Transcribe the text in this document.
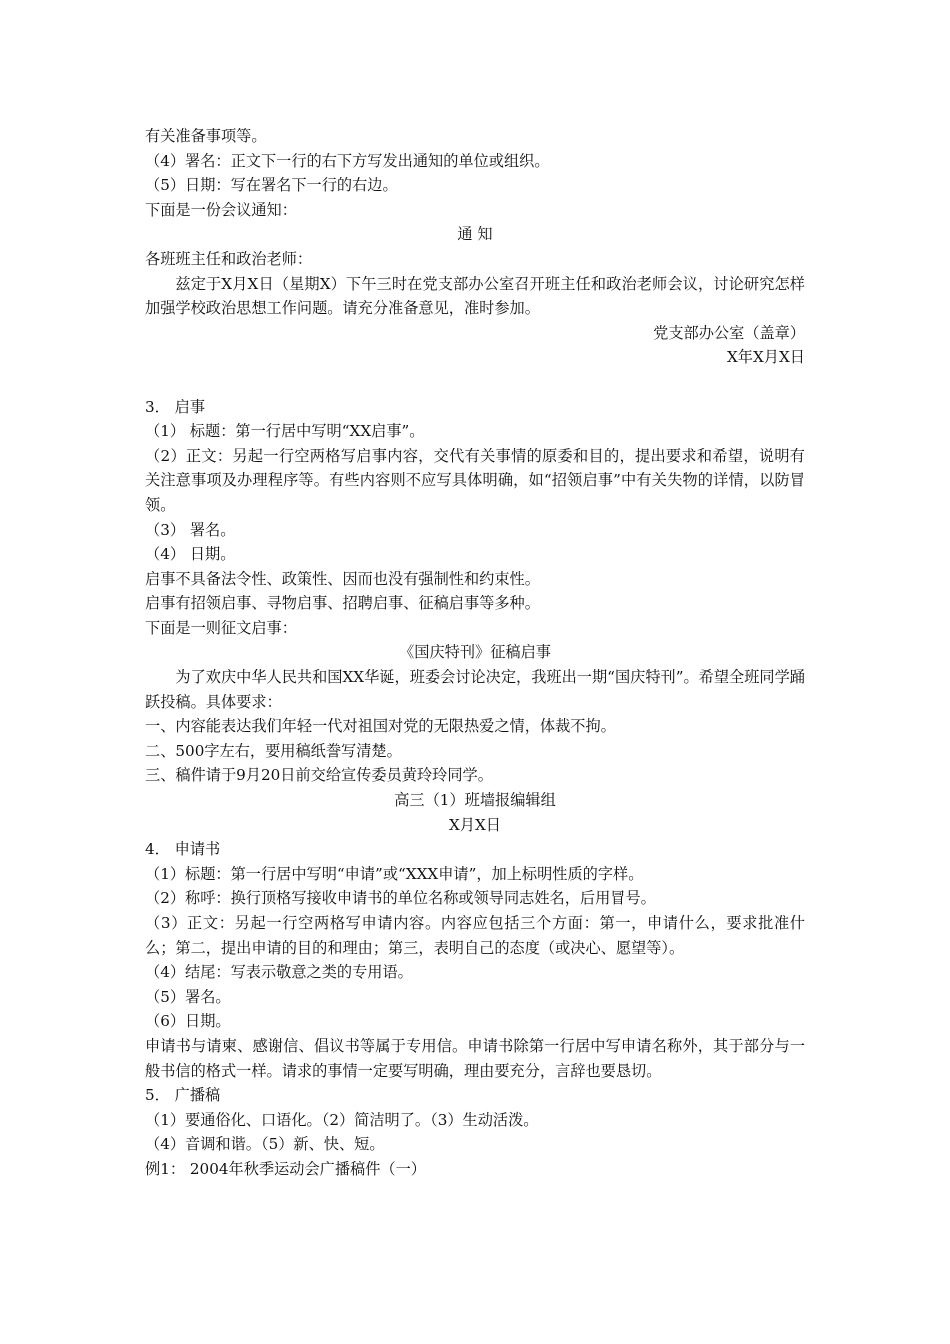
有关准备事项等。
（4）署名：正文下一行的右下方写发出通知的单位或组织。
（5）日期：写在署名下一行的右边。
下面是一份会议通知：
通 知
各班班主任和政治老师：
兹定于X月X日（星期X）下午三时在党支部办公室召开班主任和政治老师会议，讨论研究怎样加强学校政治思想工作问题。请充分准备意见，准时参加。
党支部办公室（盖章）
X年X月X日
3． 启事
（1） 标题：第一行居中写明“XX启事”。
（2）正文：另起一行空两格写启事内容，交代有关事情的原委和目的，提出要求和希望，说明有关注意事项及办理程序等。有些内容则不应写具体明确，如“招领启事”中有关失物的详情，以防冒领。
（3） 署名。
（4） 日期。
启事不具备法令性、政策性、因而也没有强制性和约束性。
启事有招领启事、寻物启事、招聘启事、征稿启事等多种。
下面是一则征文启事：
《国庆特刊》征稿启事
为了欢庆中华人民共和国XX华诞，班委会讨论决定，我班出一期“国庆特刊”。希望全班同学踊跃投稿。具体要求：
一、内容能表达我们年轻一代对祖国对党的无限热爱之情，体裁不拘。
二、500字左右，要用稿纸誊写清楚。
三、稿件请于9月20日前交给宣传委员黄玲玲同学。
高三（1）班墙报编辑组
X月X日
4． 申请书
（1）标题：第一行居中写明“申请”或“XXX申请”，加上标明性质的字样。
（2）称呼：换行顶格写接收申请书的单位名称或领导同志姓名，后用冒号。
（3）正文：另起一行空两格写申请内容。内容应包括三个方面：第一，申请什么，要求批准什么；第二，提出申请的目的和理由；第三，表明自己的态度（或决心、愿望等）。
（4）结尾：写表示敬意之类的专用语。
（5）署名。
（6）日期。
申请书与请柬、感谢信、倡议书等属于专用信。申请书除第一行居中写申请名称外，其于部分与一般书信的格式一样。请求的事情一定要写明确，理由要充分，言辞也要恳切。
5． 广播稿
（1）要通俗化、口语化。（2）简洁明了。（3）生动活泼。
（4）音调和谐。（5）新、快、短。
例1： 2004年秋季运动会广播稿件（一）
